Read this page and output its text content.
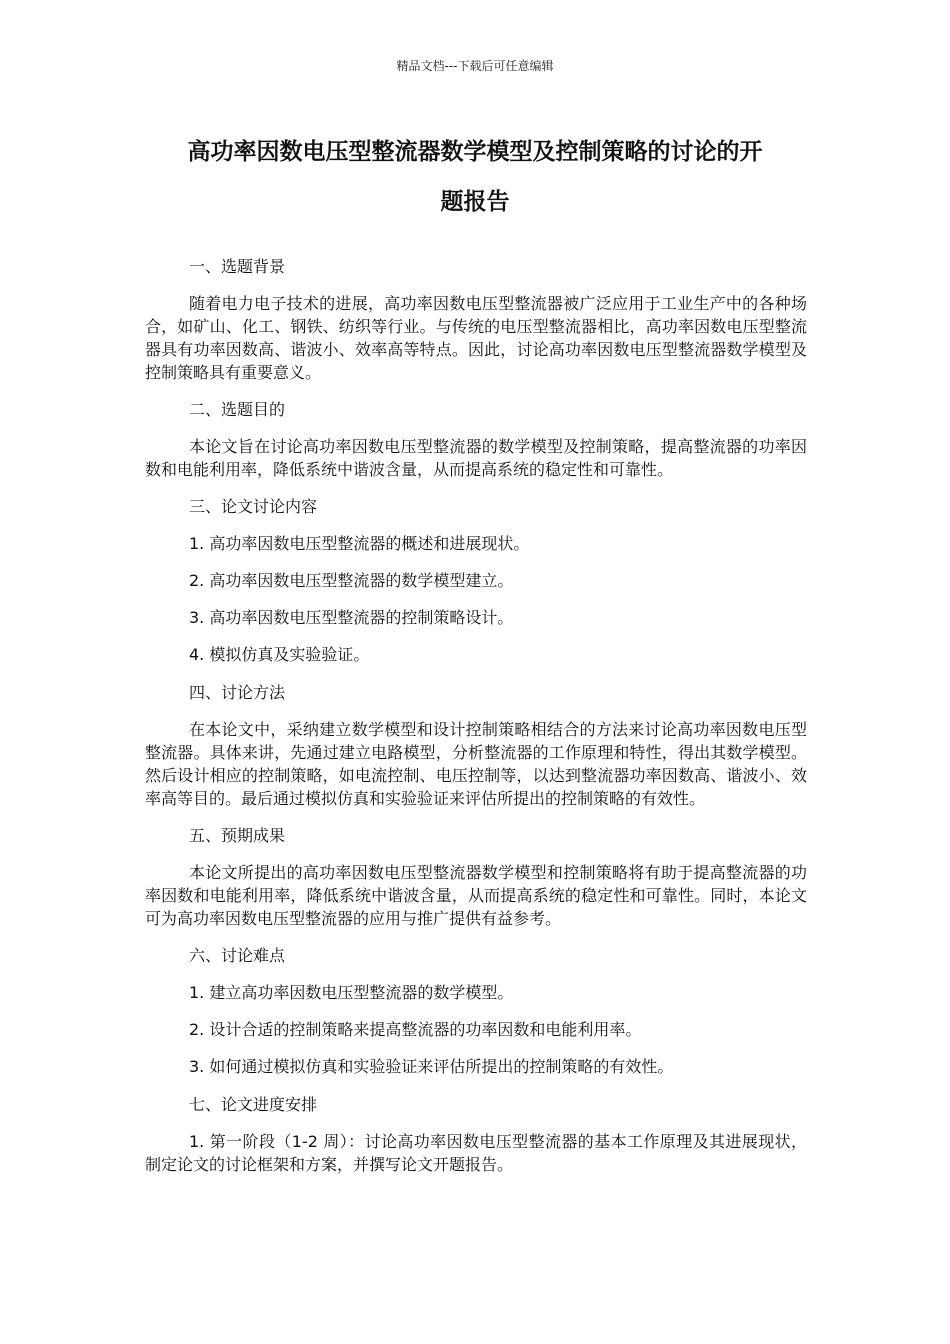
精品文档---下载后可任意编辑
高功率因数电压型整流器数学模型及控制策略的讨论的开
题报告

一、选题背景

随着电力电子技术的进展，高功率因数电压型整流器被广泛应用于工业生产中的各种场合，如矿山、化工、钢铁、纺织等行业。与传统的电压型整流器相比，高功率因数电压型整流器具有功率因数高、谐波小、效率高等特点。因此，讨论高功率因数电压型整流器数学模型及控制策略具有重要意义。

二、选题目的

本论文旨在讨论高功率因数电压型整流器的数学模型及控制策略，提高整流器的功率因数和电能利用率，降低系统中谐波含量，从而提高系统的稳定性和可靠性。

三、论文讨论内容

1. 高功率因数电压型整流器的概述和进展现状。

2. 高功率因数电压型整流器的数学模型建立。

3. 高功率因数电压型整流器的控制策略设计。

4. 模拟仿真及实验验证。

四、讨论方法

在本论文中，采纳建立数学模型和设计控制策略相结合的方法来讨论高功率因数电压型整流器。具体来讲，先通过建立电路模型，分析整流器的工作原理和特性，得出其数学模型。然后设计相应的控制策略，如电流控制、电压控制等，以达到整流器功率因数高、谐波小、效率高等目的。最后通过模拟仿真和实验验证来评估所提出的控制策略的有效性。

五、预期成果

本论文所提出的高功率因数电压型整流器数学模型和控制策略将有助于提高整流器的功率因数和电能利用率，降低系统中谐波含量，从而提高系统的稳定性和可靠性。同时，本论文可为高功率因数电压型整流器的应用与推广提供有益参考。

六、讨论难点

1. 建立高功率因数电压型整流器的数学模型。

2. 设计合适的控制策略来提高整流器的功率因数和电能利用率。

3. 如何通过模拟仿真和实验验证来评估所提出的控制策略的有效性。

七、论文进度安排

1. 第一阶段（1-2 周）：讨论高功率因数电压型整流器的基本工作原理及其进展现状，制定论文的讨论框架和方案，并撰写论文开题报告。
